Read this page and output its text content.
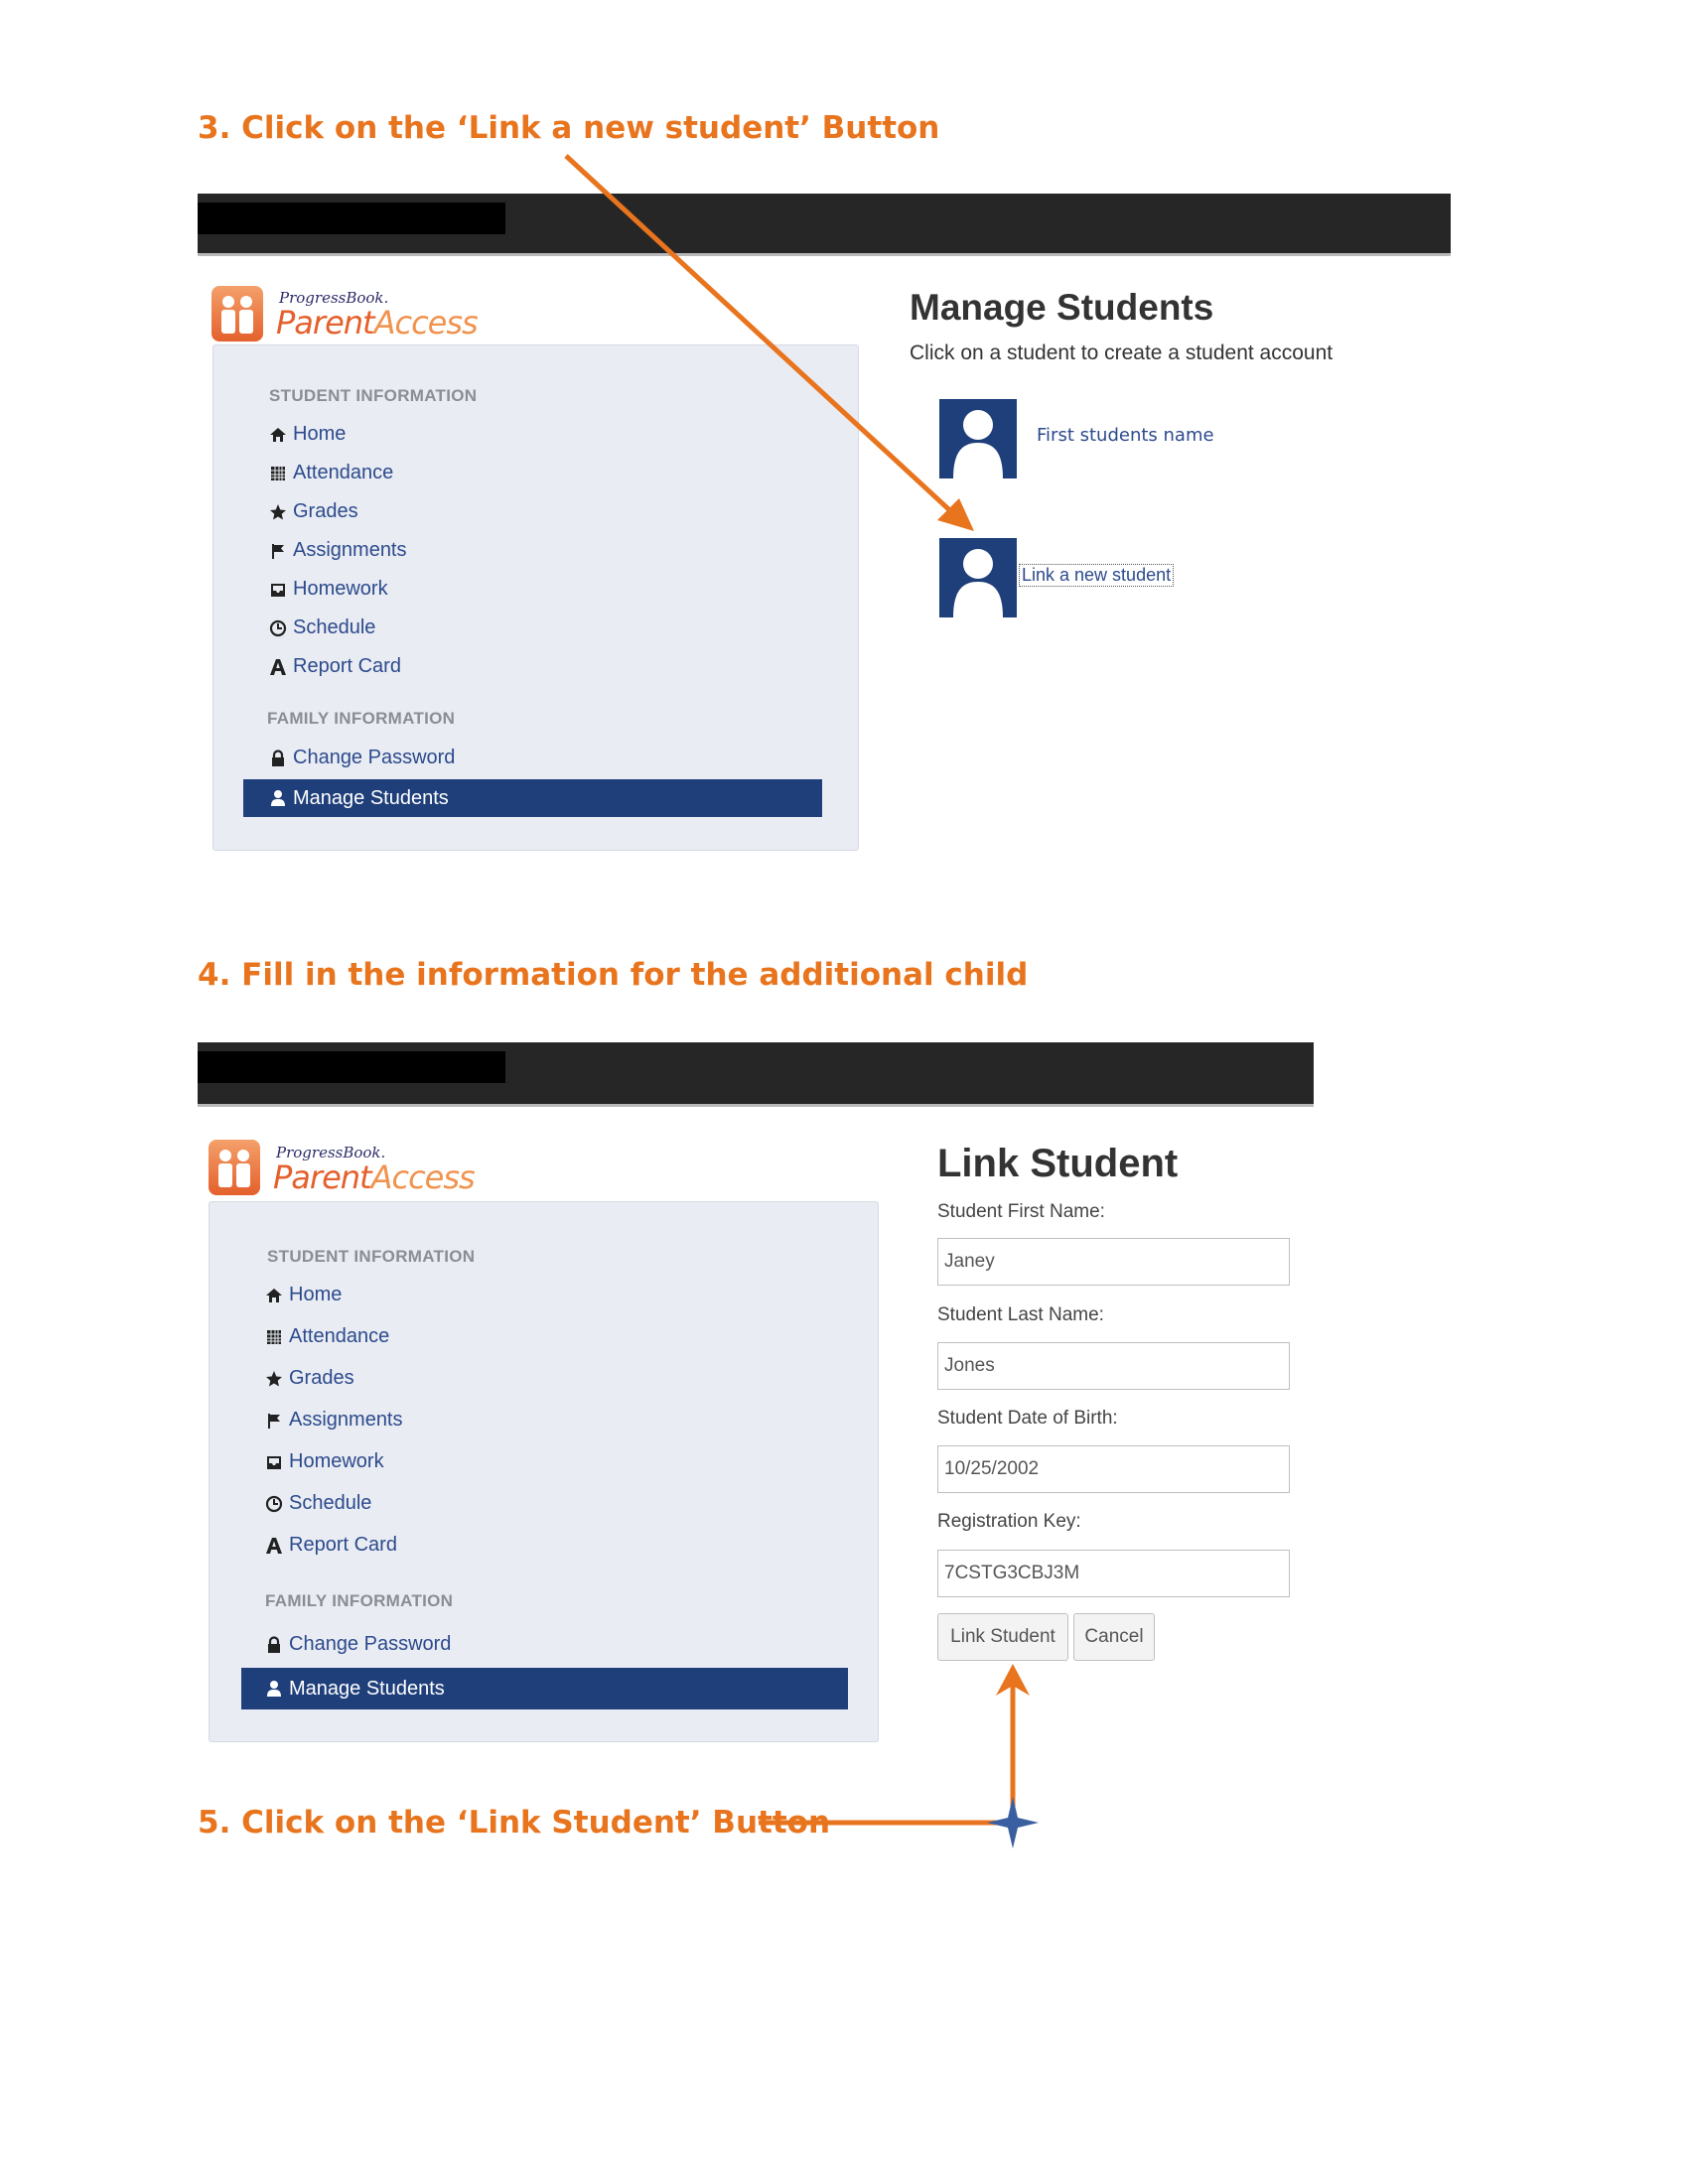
3. Click on the ‘Link a new student’ Button
ProgressBook.
ParentAccess
STUDENT INFORMATION
Home
Attendance
Grades
Assignments
Homework
Schedule
Report Card
FAMILY INFORMATION
Change Password
Manage Students
Manage Students
Click on a student to create a student account
First students name
Link a new student
4. Fill in the information for the additional child
ProgressBook.
ParentAccess
STUDENT INFORMATION
Home
Attendance
Grades
Assignments
Homework
Schedule
Report Card
FAMILY INFORMATION
Change Password
Manage Students
Link Student
Student First Name:
Janey
Student Last Name:
Jones
Student Date of Birth:
10/25/2002
Registration Key:
7CSTG3CBJ3M
Link Student	Cancel
5. Click on the ‘Link Student’ Button
